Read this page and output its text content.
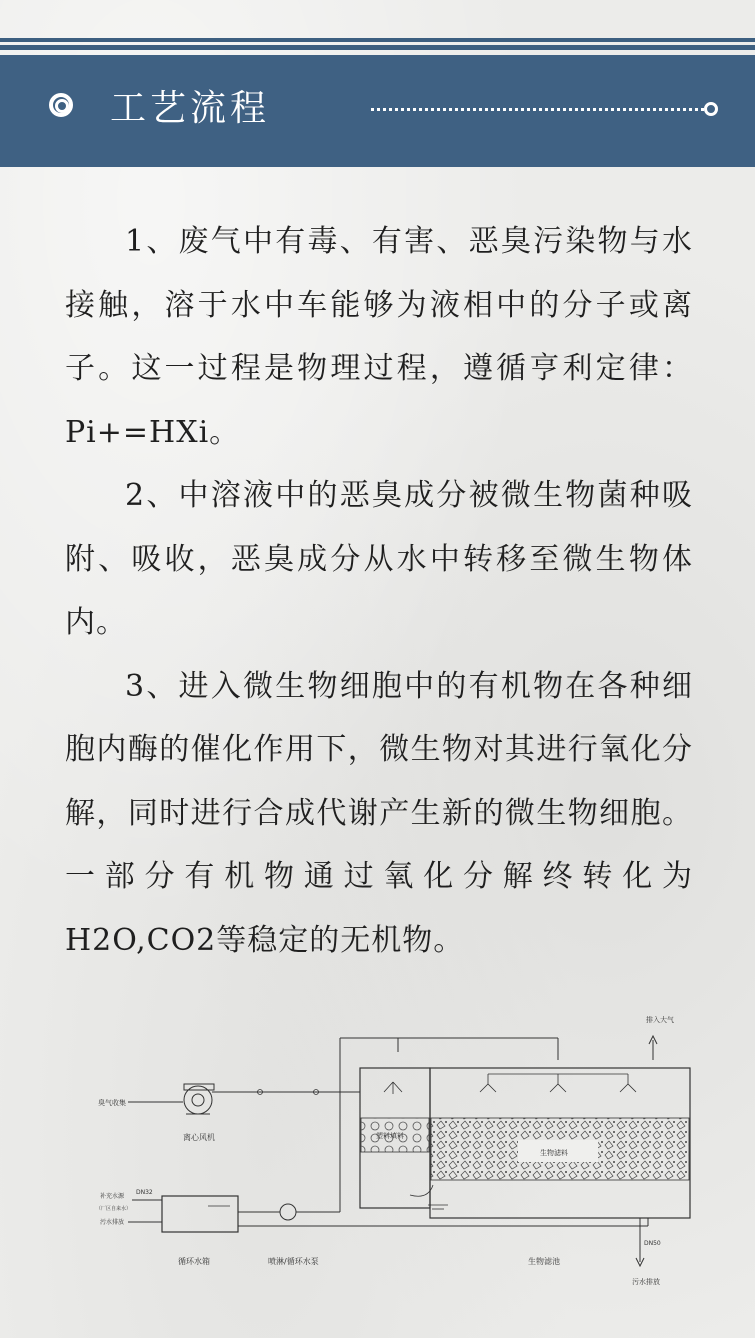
工艺流程

1、废气中有毒、有害、恶臭污染物与水接触，溶于水中车能够为液相中的分子或离子。这一过程是物理过程，遵循亨利定律：Pi+=HXi。

2、中溶液中的恶臭成分被微生物菌种吸附、吸收，恶臭成分从水中转移至微生物体内。

3、进入微生物细胞中的有机物在各种细胞内酶的催化作用下，微生物对其进行氧化分解，同时进行合成代谢产生新的微生物细胞。一部分有机物通过氧化分解终转化为H2O,CO2等稳定的无机物。

排入大气
臭气收集
离心风机	塑料填料
生物滤料
补充水源
（厂区自来水）
DN32
污水排放
循环水箱	喷淋/循环水泵	生物滤池
DN50
污水排放
